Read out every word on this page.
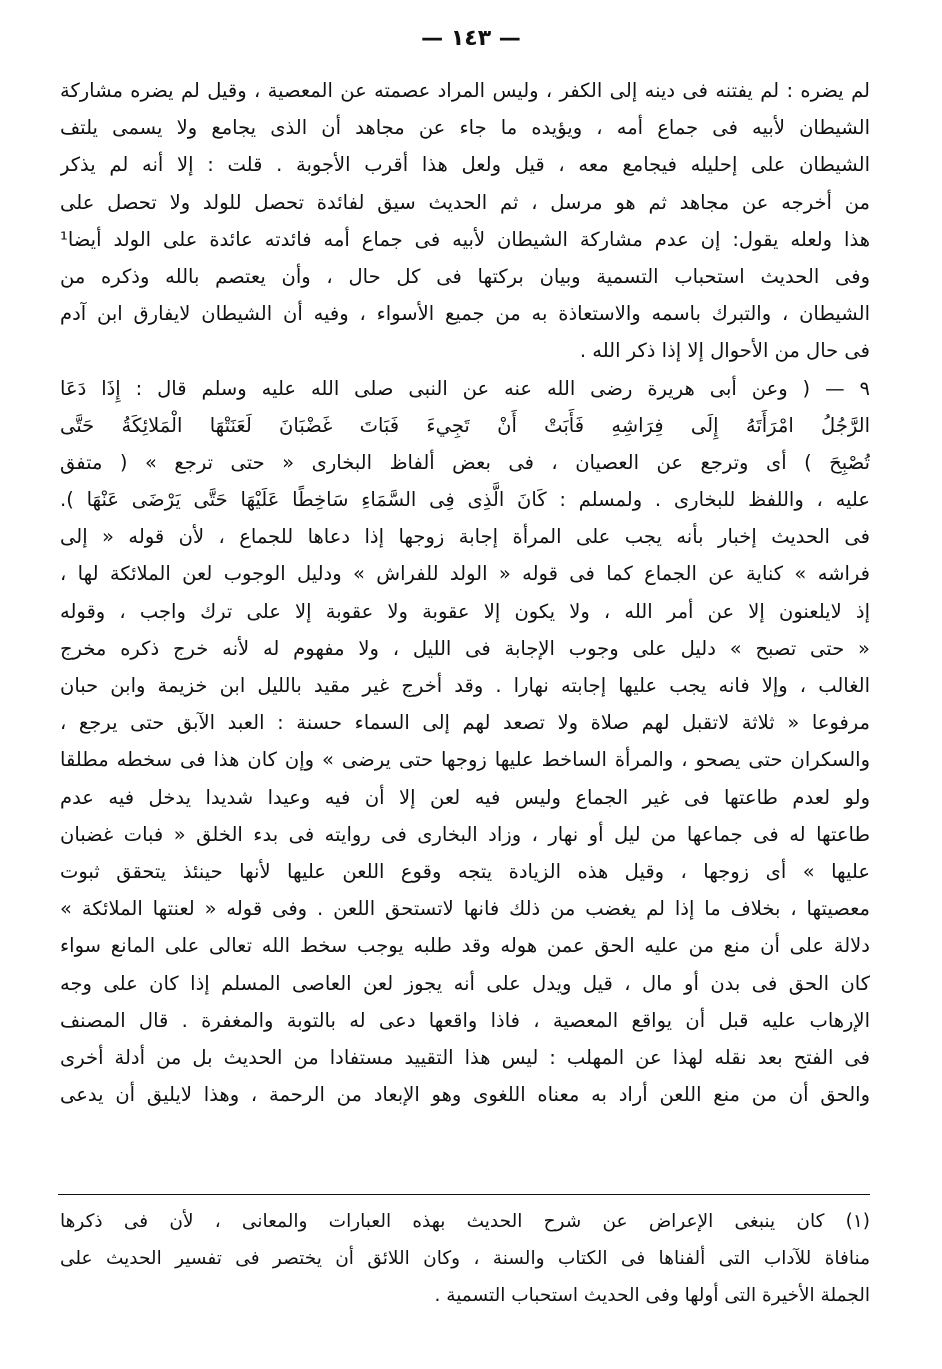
— ١٤٣ —
لم يضره : لم يفتنه فى دينه إلى الكفر ، وليس المراد عصمته عن المعصية ، وقيل لم يضره مشاركة
الشيطان لأبيه فى جماع أمه ، ويؤيده ما جاء عن مجاهد أن الذى يجامع ولا يسمى يلتف
الشيطان على إحليله فيجامع معه ، قيل ولعل هذا أقرب الأجوبة . قلت : إلا أنه لم يذكر
من أخرجه عن مجاهد ثم هو مرسل ، ثم الحديث سيق لفائدة تحصل للولد ولا تحصل على
هذا ولعله يقول: إن عدم مشاركة الشيطان لأبيه فى جماع أمه فائدته عائدة على الولد أيضا¹
وفى الحديث استحباب التسمية وبيان بركتها فى كل حال ، وأن يعتصم بالله وذكره من
الشيطان ، والتبرك باسمه والاستعاذة به من جميع الأسواء ، وفيه أن الشيطان لايفارق ابن آدم
فى حال من الأحوال إلا إذا ذكر الله .
٩ — ( وعن أبى هريرة رضى الله عنه عن النبى صلى الله عليه وسلم قال : إِذَا دَعَا
الرَّجُلُ امْرَأَتَهُ إِلَى فِرَاشِهِ فَأَبَتْ أَنْ تَجِيءَ فَبَاتَ غَضْبَانَ لَعَنَتْهَا الْمَلائِكَةُ حَتَّى
تُصْبِحَ ) أى وترجع عن العصيان ، فى بعض ألفاظ البخارى « حتى ترجع » ( متفق
عليه ، واللفظ للبخارى . ولمسلم : كَانَ الَّذِى فِى السَّمَاءِ سَاخِطًا عَلَيْهَا حَتَّى يَرْضَى عَنْهَا ).
فى الحديث إخبار بأنه يجب على المرأة إجابة زوجها إذا دعاها للجماع ، لأن قوله « إلى
فراشه » كناية عن الجماع كما فى قوله « الولد للفراش » ودليل الوجوب لعن الملائكة لها ،
إذ لايلعنون إلا عن أمر الله ، ولا يكون إلا عقوبة ولا عقوبة إلا على ترك واجب ، وقوله
« حتى تصبح » دليل على وجوب الإجابة فى الليل ، ولا مفهوم له لأنه خرج ذكره مخرج
الغالب ، وإلا فانه يجب عليها إجابته نهارا . وقد أخرج غير مقيد بالليل ابن خزيمة وابن حبان
مرفوعا « ثلاثة لاتقبل لهم صلاة ولا تصعد لهم إلى السماء حسنة : العبد الآبق حتى يرجع ،
والسكران حتى يصحو ، والمرأة الساخط عليها زوجها حتى يرضى » وإن كان هذا فى سخطه مطلقا
ولو لعدم طاعتها فى غير الجماع وليس فيه لعن إلا أن فيه وعيدا شديدا يدخل فيه عدم
طاعتها له فى جماعها من ليل أو نهار ، وزاد البخارى فى روايته فى بدء الخلق « فبات غضبان
عليها » أى زوجها ، وقيل هذه الزيادة يتجه وقوع اللعن عليها لأنها حينئذ يتحقق ثبوت
معصيتها ، بخلاف ما إذا لم يغضب من ذلك فانها لاتستحق اللعن . وفى قوله « لعنتها الملائكة »
دلالة على أن منع من عليه الحق عمن هوله وقد طلبه يوجب سخط الله تعالى على المانع سواء
كان الحق فى بدن أو مال ، قيل ويدل على أنه يجوز لعن العاصى المسلم إذا كان على وجه
الإرهاب عليه قبل أن يواقع المعصية ، فاذا واقعها دعى له بالتوبة والمغفرة . قال المصنف
فى الفتح بعد نقله لهذا عن المهلب : ليس هذا التقييد مستفادا من الحديث بل من أدلة أخرى
والحق أن من منع اللعن أراد به معناه اللغوى وهو الإبعاد من الرحمة ، وهذا لايليق أن يدعى
(١) كان ينبغى الإعراض عن شرح الحديث بهذه العبارات والمعانى ، لأن فى ذكرها
منافاة للآداب التى ألفناها فى الكتاب والسنة ، وكان اللائق أن يختصر فى تفسير الحديث على
الجملة الأخيرة التى أولها وفى الحديث استحباب التسمية .
